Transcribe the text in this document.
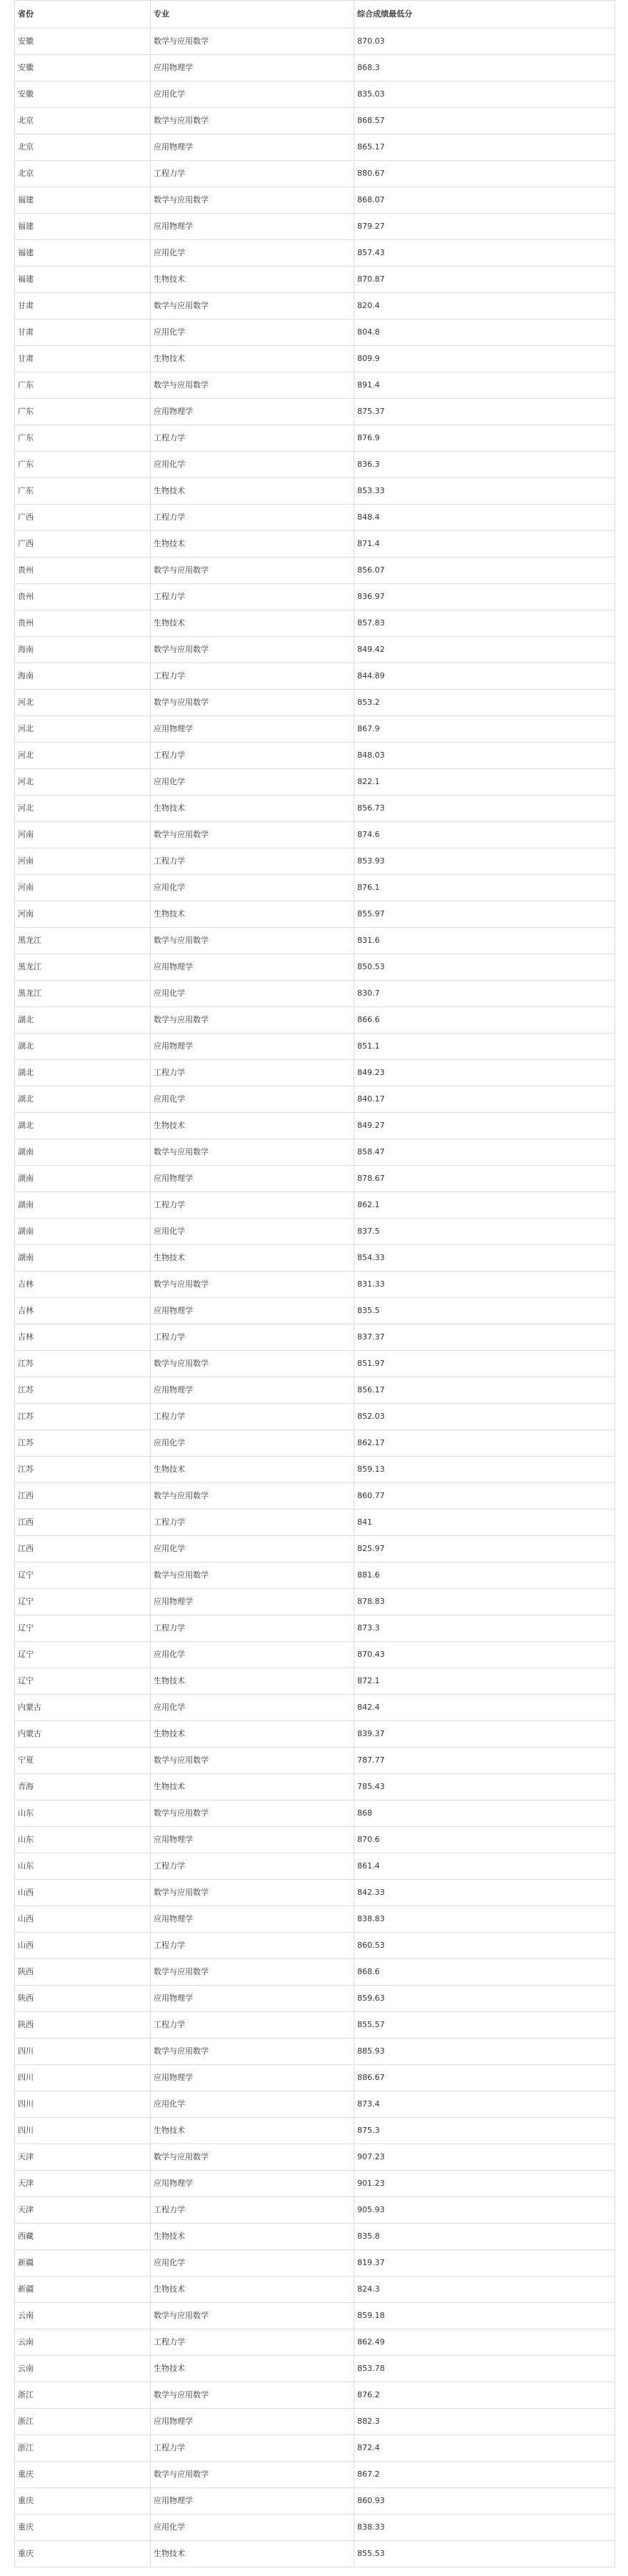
省份	专业	综合成绩最低分
安徽	数学与应用数学	870.03
安徽	应用物理学	868.3
安徽	应用化学	835.03
北京	数学与应用数学	868.57
北京	应用物理学	865.17
北京	工程力学	880.67
福建	数学与应用数学	868.07
福建	应用物理学	879.27
福建	应用化学	857.43
福建	生物技术	870.87
甘肃	数学与应用数学	820.4
甘肃	应用化学	804.8
甘肃	生物技术	809.9
广东	数学与应用数学	891.4
广东	应用物理学	875.37
广东	工程力学	876.9
广东	应用化学	836.3
广东	生物技术	853.33
广西	工程力学	848.4
广西	生物技术	871.4
贵州	数学与应用数学	856.07
贵州	工程力学	836.97
贵州	生物技术	857.83
海南	数学与应用数学	849.42
海南	工程力学	844.89
河北	数学与应用数学	853.2
河北	应用物理学	867.9
河北	工程力学	848.03
河北	应用化学	822.1
河北	生物技术	856.73
河南	数学与应用数学	874.6
河南	工程力学	853.93
河南	应用化学	876.1
河南	生物技术	855.97
黑龙江	数学与应用数学	831.6
黑龙江	应用物理学	850.53
黑龙江	应用化学	830.7
湖北	数学与应用数学	866.6
湖北	应用物理学	851.1
湖北	工程力学	849.23
湖北	应用化学	840.17
湖北	生物技术	849.27
湖南	数学与应用数学	858.47
湖南	应用物理学	878.67
湖南	工程力学	862.1
湖南	应用化学	837.5
湖南	生物技术	854.33
吉林	数学与应用数学	831.33
吉林	应用物理学	835.5
吉林	工程力学	837.37
江苏	数学与应用数学	851.97
江苏	应用物理学	856.17
江苏	工程力学	852.03
江苏	应用化学	862.17
江苏	生物技术	859.13
江西	数学与应用数学	860.77
江西	工程力学	841
江西	应用化学	825.97
辽宁	数学与应用数学	881.6
辽宁	应用物理学	878.83
辽宁	工程力学	873.3
辽宁	应用化学	870.43
辽宁	生物技术	872.1
内蒙古	应用化学	842.4
内蒙古	生物技术	839.37
宁夏	数学与应用数学	787.77
青海	生物技术	785.43
山东	数学与应用数学	868
山东	应用物理学	870.6
山东	工程力学	861.4
山西	数学与应用数学	842.33
山西	应用物理学	838.83
山西	工程力学	860.53
陕西	数学与应用数学	868.6
陕西	应用物理学	859.63
陕西	工程力学	855.57
四川	数学与应用数学	885.93
四川	应用物理学	886.67
四川	应用化学	873.4
四川	生物技术	875.3
天津	数学与应用数学	907.23
天津	应用物理学	901.23
天津	工程力学	905.93
西藏	生物技术	835.8
新疆	应用化学	819.37
新疆	生物技术	824.3
云南	数学与应用数学	859.18
云南	工程力学	862.49
云南	生物技术	853.78
浙江	数学与应用数学	876.2
浙江	应用物理学	882.3
浙江	工程力学	872.4
重庆	数学与应用数学	867.2
重庆	应用物理学	860.93
重庆	应用化学	838.33
重庆	生物技术	855.53
